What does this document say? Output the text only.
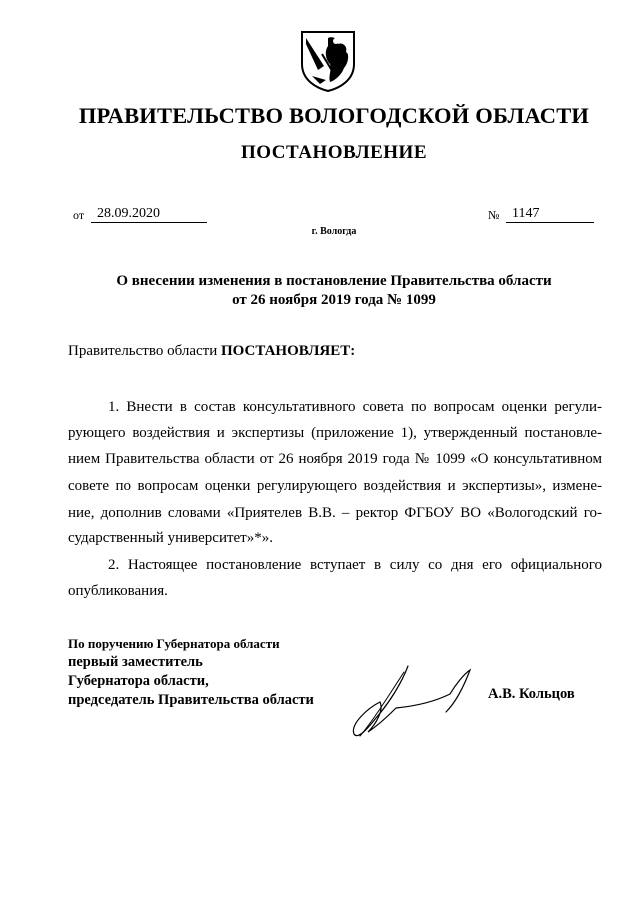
ПРАВИТЕЛЬСТВО ВОЛОГОДСКОЙ ОБЛАСТИ
ПОСТАНОВЛЕНИЕ
от 28.09.2020	№ 1147
г. Вологда
О внесении изменения в постановление Правительства области
от 26 ноября 2019 года № 1099
Правительство области ПОСТАНОВЛЯЕТ:
1. Внести в состав консультативного совета по вопросам оценки регули-
рующего воздействия и экспертизы (приложение 1), утвержденный постановле-
нием Правительства области от 26 ноября 2019 года № 1099 «О консультативном
совете по вопросам оценки регулирующего воздействия и экспертизы», измене-
ние, дополнив словами «Приятелев В.В. – ректор ФГБОУ ВО «Вологодский го-
сударственный университет»*».
2. Настоящее постановление вступает в силу со дня его официального
опубликования.
По поручению Губернатора области
первый заместитель
Губернатора области,
председатель Правительства области	А.В. Кольцов
